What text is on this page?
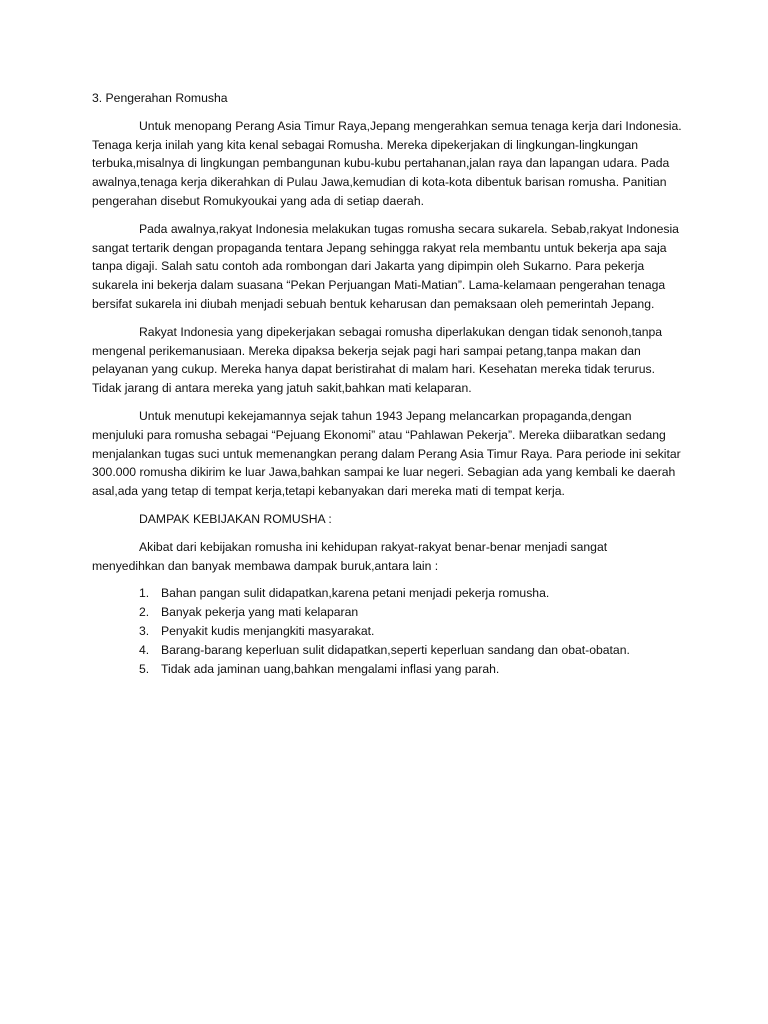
3. Pengerahan Romusha

Untuk menopang Perang Asia Timur Raya,Jepang mengerahkan semua tenaga kerja dari Indonesia. Tenaga kerja inilah yang kita kenal sebagai Romusha. Mereka dipekerjakan di lingkungan-lingkungan terbuka,misalnya di lingkungan pembangunan kubu-kubu pertahanan,jalan raya dan lapangan udara. Pada awalnya,tenaga kerja dikerahkan di Pulau Jawa,kemudian di kota-kota dibentuk barisan romusha. Panitian pengerahan disebut Romukyoukai yang ada di setiap daerah.

Pada awalnya,rakyat Indonesia melakukan tugas romusha secara sukarela. Sebab,rakyat Indonesia sangat tertarik dengan propaganda tentara Jepang sehingga rakyat rela membantu untuk bekerja apa saja tanpa digaji. Salah satu contoh ada rombongan dari Jakarta yang dipimpin oleh Sukarno. Para pekerja sukarela ini bekerja dalam suasana “Pekan Perjuangan Mati-Matian”. Lama-kelamaan pengerahan tenaga bersifat sukarela ini diubah menjadi sebuah bentuk keharusan dan pemaksaan oleh pemerintah Jepang.

Rakyat Indonesia yang dipekerjakan sebagai romusha diperlakukan dengan tidak senonoh,tanpa mengenal perikemanusiaan. Mereka dipaksa bekerja sejak pagi hari sampai petang,tanpa makan dan pelayanan yang cukup. Mereka hanya dapat beristirahat di malam hari. Kesehatan mereka tidak terurus. Tidak jarang di antara mereka yang jatuh sakit,bahkan mati kelaparan.

Untuk menutupi kekejamannya sejak tahun 1943 Jepang melancarkan propaganda,dengan menjuluki para romusha sebagai “Pejuang Ekonomi” atau “Pahlawan Pekerja”. Mereka diibaratkan sedang menjalankan tugas suci untuk memenangkan perang dalam Perang Asia Timur Raya. Para periode ini sekitar 300.000 romusha dikirim ke luar Jawa,bahkan sampai ke luar negeri. Sebagian ada yang kembali ke daerah asal,ada yang tetap di tempat kerja,tetapi kebanyakan dari mereka mati di tempat kerja.

DAMPAK KEBIJAKAN ROMUSHA :

Akibat dari kebijakan romusha ini kehidupan rakyat-rakyat benar-benar menjadi sangat menyedihkan dan banyak membawa dampak buruk,antara lain :

1. Bahan pangan sulit didapatkan,karena petani menjadi pekerja romusha.
2. Banyak pekerja yang mati kelaparan
3. Penyakit kudis menjangkiti masyarakat.
4. Barang-barang keperluan sulit didapatkan,seperti keperluan sandang dan obat-obatan.
5. Tidak ada jaminan uang,bahkan mengalami inflasi yang parah.
